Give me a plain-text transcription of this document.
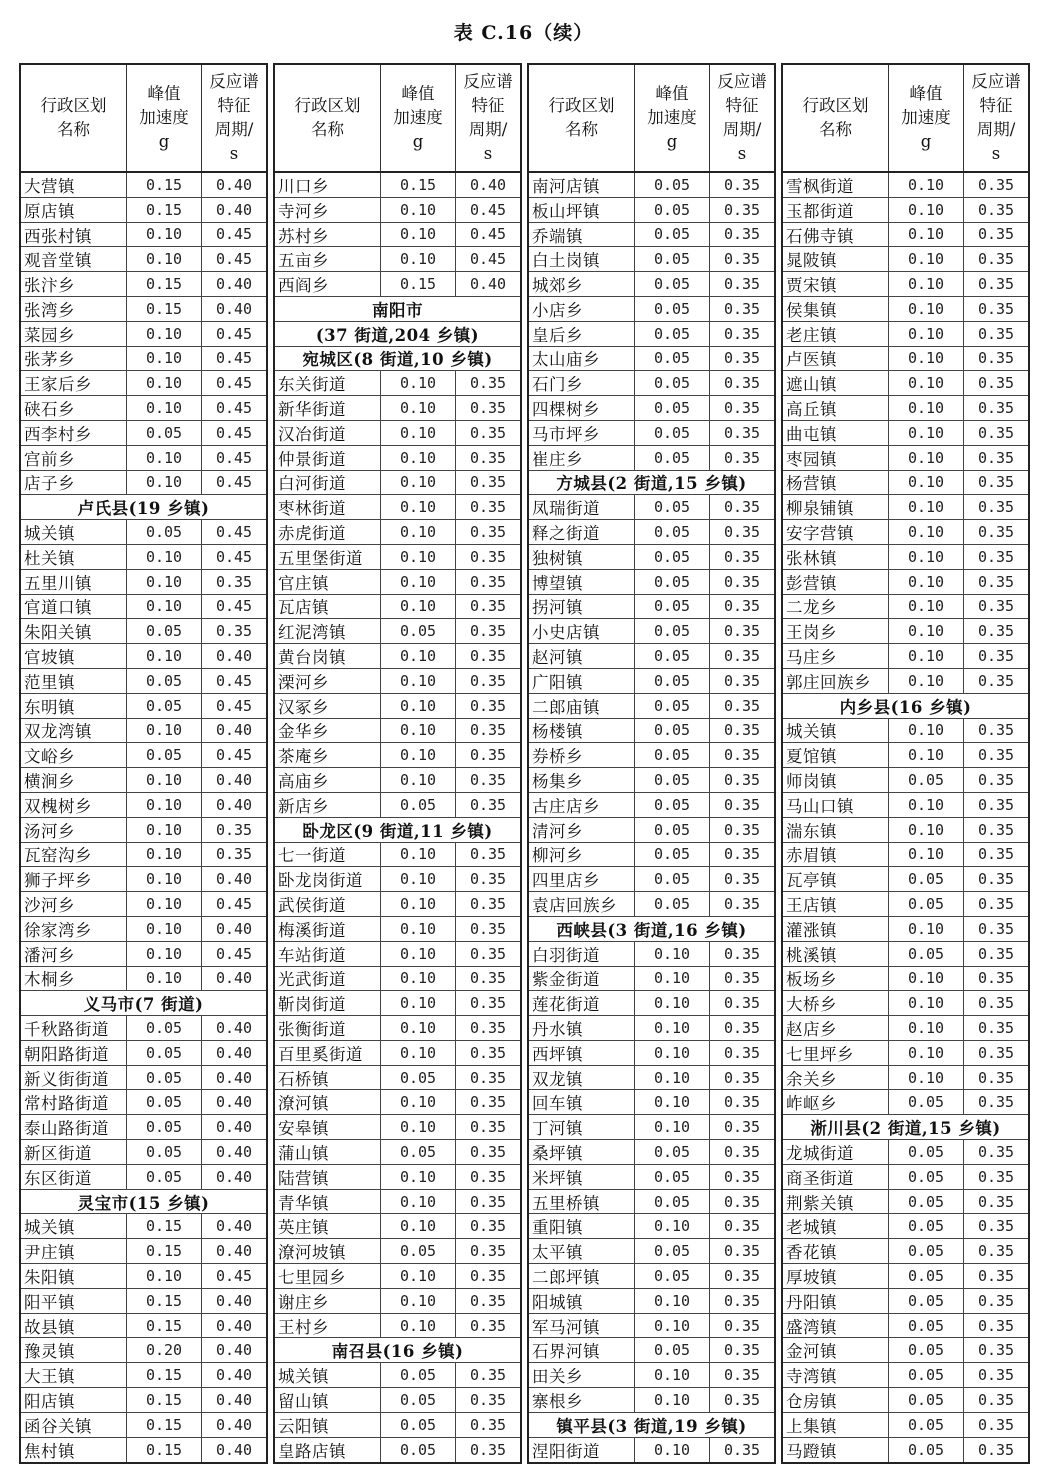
表 C.16（续）
行政区划
名称
峰值
加速度
g
反应谱
特征
周期/
s
大营镇	0.15	0.40
原店镇	0.15	0.40
西张村镇	0.10	0.45
观音堂镇	0.10	0.45
张汴乡	0.15	0.40
张湾乡	0.15	0.40
菜园乡	0.10	0.45
张茅乡	0.10	0.45
王家后乡	0.10	0.45
硖石乡	0.10	0.45
西李村乡	0.05	0.45
宫前乡	0.10	0.45
店子乡	0.10	0.45
卢氏县(19 乡镇)
城关镇	0.05	0.45
杜关镇	0.10	0.45
五里川镇	0.10	0.35
官道口镇	0.10	0.45
朱阳关镇	0.05	0.35
官坡镇	0.10	0.40
范里镇	0.05	0.45
东明镇	0.05	0.45
双龙湾镇	0.10	0.40
文峪乡	0.05	0.45
横涧乡	0.10	0.40
双槐树乡	0.10	0.40
汤河乡	0.10	0.35
瓦窑沟乡	0.10	0.35
狮子坪乡	0.10	0.40
沙河乡	0.10	0.45
徐家湾乡	0.10	0.40
潘河乡	0.10	0.45
木桐乡	0.10	0.40
义马市(7 街道)
千秋路街道	0.05	0.40
朝阳路街道	0.05	0.40
新义街街道	0.05	0.40
常村路街道	0.05	0.40
泰山路街道	0.05	0.40
新区街道	0.05	0.40
东区街道	0.05	0.40
灵宝市(15 乡镇)
城关镇	0.15	0.40
尹庄镇	0.15	0.40
朱阳镇	0.10	0.45
阳平镇	0.15	0.40
故县镇	0.15	0.40
豫灵镇	0.20	0.40
大王镇	0.15	0.40
阳店镇	0.15	0.40
函谷关镇	0.15	0.40
焦村镇	0.15	0.40
行政区划
名称
峰值
加速度
g
反应谱
特征
周期/
s
川口乡	0.15	0.40
寺河乡	0.10	0.45
苏村乡	0.10	0.45
五亩乡	0.10	0.45
西阎乡	0.15	0.40
南阳市
(37 街道,204 乡镇)
宛城区(8 街道,10 乡镇)
东关街道	0.10	0.35
新华街道	0.10	0.35
汉冶街道	0.10	0.35
仲景街道	0.10	0.35
白河街道	0.10	0.35
枣林街道	0.10	0.35
赤虎街道	0.10	0.35
五里堡街道	0.10	0.35
官庄镇	0.10	0.35
瓦店镇	0.10	0.35
红泥湾镇	0.05	0.35
黄台岗镇	0.10	0.35
溧河乡	0.10	0.35
汉冢乡	0.10	0.35
金华乡	0.10	0.35
茶庵乡	0.10	0.35
高庙乡	0.10	0.35
新店乡	0.05	0.35
卧龙区(9 街道,11 乡镇)
七一街道	0.10	0.35
卧龙岗街道	0.10	0.35
武侯街道	0.10	0.35
梅溪街道	0.10	0.35
车站街道	0.10	0.35
光武街道	0.10	0.35
靳岗街道	0.10	0.35
张衡街道	0.10	0.35
百里奚街道	0.10	0.35
石桥镇	0.05	0.35
潦河镇	0.10	0.35
安皋镇	0.10	0.35
蒲山镇	0.05	0.35
陆营镇	0.10	0.35
青华镇	0.10	0.35
英庄镇	0.10	0.35
潦河坡镇	0.05	0.35
七里园乡	0.10	0.35
谢庄乡	0.10	0.35
王村乡	0.10	0.35
南召县(16 乡镇)
城关镇	0.05	0.35
留山镇	0.05	0.35
云阳镇	0.05	0.35
皇路店镇	0.05	0.35
行政区划
名称
峰值
加速度
g
反应谱
特征
周期/
s
南河店镇	0.05	0.35
板山坪镇	0.05	0.35
乔端镇	0.05	0.35
白土岗镇	0.05	0.35
城郊乡	0.05	0.35
小店乡	0.05	0.35
皇后乡	0.05	0.35
太山庙乡	0.05	0.35
石门乡	0.05	0.35
四棵树乡	0.05	0.35
马市坪乡	0.05	0.35
崔庄乡	0.05	0.35
方城县(2 街道,15 乡镇)
凤瑞街道	0.05	0.35
释之街道	0.05	0.35
独树镇	0.05	0.35
博望镇	0.05	0.35
拐河镇	0.05	0.35
小史店镇	0.05	0.35
赵河镇	0.05	0.35
广阳镇	0.05	0.35
二郎庙镇	0.05	0.35
杨楼镇	0.05	0.35
券桥乡	0.05	0.35
杨集乡	0.05	0.35
古庄店乡	0.05	0.35
清河乡	0.05	0.35
柳河乡	0.05	0.35
四里店乡	0.05	0.35
袁店回族乡	0.05	0.35
西峡县(3 街道,16 乡镇)
白羽街道	0.10	0.35
紫金街道	0.10	0.35
莲花街道	0.10	0.35
丹水镇	0.10	0.35
西坪镇	0.10	0.35
双龙镇	0.10	0.35
回车镇	0.10	0.35
丁河镇	0.10	0.35
桑坪镇	0.05	0.35
米坪镇	0.05	0.35
五里桥镇	0.05	0.35
重阳镇	0.10	0.35
太平镇	0.05	0.35
二郎坪镇	0.05	0.35
阳城镇	0.10	0.35
军马河镇	0.10	0.35
石界河镇	0.05	0.35
田关乡	0.10	0.35
寨根乡	0.10	0.35
镇平县(3 街道,19 乡镇)
涅阳街道	0.10	0.35
行政区划
名称
峰值
加速度
g
反应谱
特征
周期/
s
雪枫街道	0.10	0.35
玉都街道	0.10	0.35
石佛寺镇	0.10	0.35
晁陂镇	0.10	0.35
贾宋镇	0.10	0.35
侯集镇	0.10	0.35
老庄镇	0.10	0.35
卢医镇	0.10	0.35
遮山镇	0.10	0.35
高丘镇	0.10	0.35
曲屯镇	0.10	0.35
枣园镇	0.10	0.35
杨营镇	0.10	0.35
柳泉铺镇	0.10	0.35
安字营镇	0.10	0.35
张林镇	0.10	0.35
彭营镇	0.10	0.35
二龙乡	0.10	0.35
王岗乡	0.10	0.35
马庄乡	0.10	0.35
郭庄回族乡	0.10	0.35
内乡县(16 乡镇)
城关镇	0.10	0.35
夏馆镇	0.10	0.35
师岗镇	0.05	0.35
马山口镇	0.10	0.35
湍东镇	0.10	0.35
赤眉镇	0.10	0.35
瓦亭镇	0.05	0.35
王店镇	0.05	0.35
灌涨镇	0.10	0.35
桃溪镇	0.05	0.35
板场乡	0.10	0.35
大桥乡	0.10	0.35
赵店乡	0.10	0.35
七里坪乡	0.10	0.35
余关乡	0.10	0.35
岞岖乡	0.05	0.35
淅川县(2 街道,15 乡镇)
龙城街道	0.05	0.35
商圣街道	0.05	0.35
荆紫关镇	0.05	0.35
老城镇	0.05	0.35
香花镇	0.05	0.35
厚坡镇	0.05	0.35
丹阳镇	0.05	0.35
盛湾镇	0.05	0.35
金河镇	0.05	0.35
寺湾镇	0.05	0.35
仓房镇	0.05	0.35
上集镇	0.05	0.35
马蹬镇	0.05	0.35
